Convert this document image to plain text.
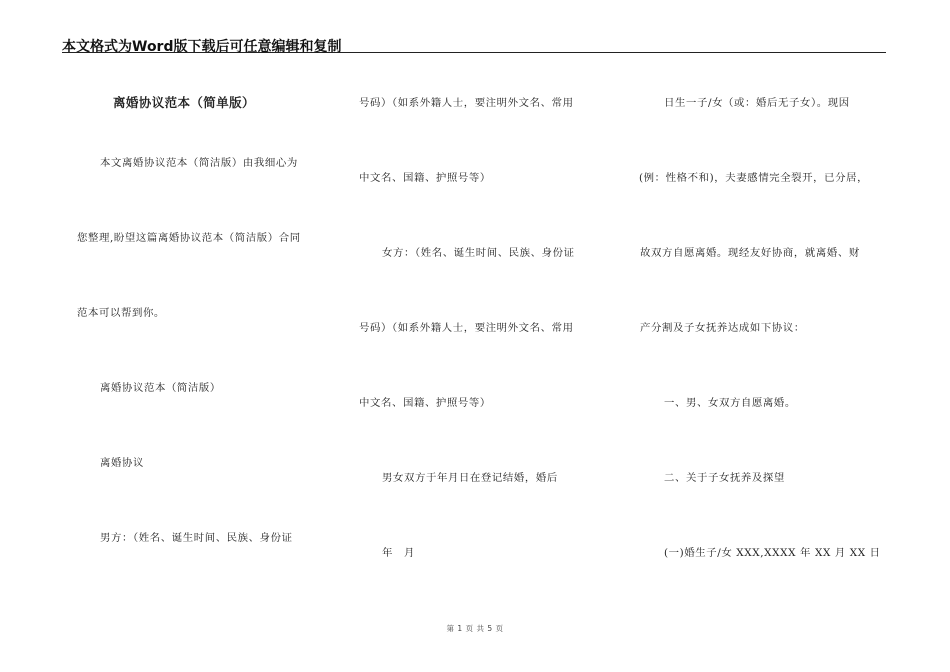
本文格式为Word版下载后可任意编辑和复制
离婚协议范本（简单版）
本文离婚协议范本（简洁版）由我细心为
您整理,盼望这篇离婚协议范本（简洁版）合同
范本可以帮到你。
离婚协议范本（简洁版）
离婚协议
男方：（姓名、诞生时间、民族、身份证
号码）（如系外籍人士，要注明外文名、常用
中文名、国籍、护照号等）
女方：（姓名、诞生时间、民族、身份证
号码）（如系外籍人士，要注明外文名、常用
中文名、国籍、护照号等）
男女双方于年月日在登记结婚，婚后
年　月
日生一子/女（或：婚后无子女）。现因
(例：性格不和)，夫妻感情完全裂开，已分居，
故双方自愿离婚。现经友好协商，就离婚、财
产分割及子女抚养达成如下协议：
一、男、女双方自愿离婚。
二、关于子女抚养及探望
(一)婚生子/女 XXX,XXXX 年 XX 月 XX 日
第 1 页 共 5 页
